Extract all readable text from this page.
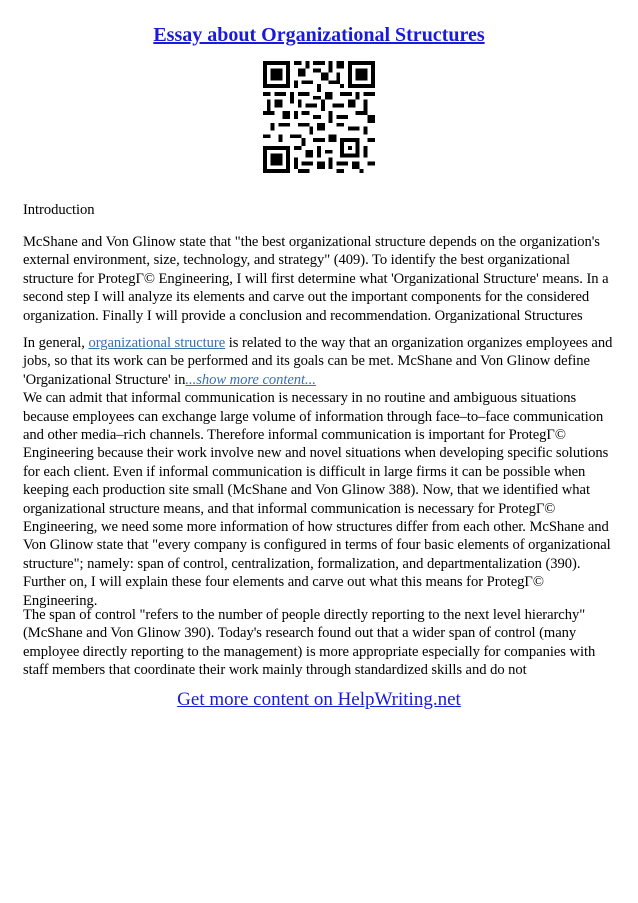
Essay about Organizational Structures
Introduction
McShane and Von Glinow state that "the best organizational structure depends on the organization's external environment, size, technology, and strategy" (409). To identify the best organizational structure for ProtegГ© Engineering, I will first determine what 'Organizational Structure' means. In a second step I will analyze its elements and carve out the important components for the considered organization. Finally I will provide a conclusion and recommendation. Organizational Structures
In general, organizational structure is related to the way that an organization organizes employees and jobs, so that its work can be performed and its goals can be met. McShane and Von Glinow define 'Organizational Structure' in...show more content...
We can admit that informal communication is necessary in no routine and ambiguous situations because employees can exchange large volume of information through face–to–face communication and other media–rich channels. Therefore informal communication is important for ProtegГ© Engineering because their work involve new and novel situations when developing specific solutions for each client. Even if informal communication is difficult in large firms it can be possible when keeping each production site small (McShane and Von Glinow 388). Now, that we identified what organizational structure means, and that informal communication is necessary for ProtegГ© Engineering, we need some more information of how structures differ from each other. McShane and Von Glinow state that "every company is configured in terms of four basic elements of organizational structure"; namely: span of control, centralization, formalization, and departmentalization (390). Further on, I will explain these four elements and carve out what this means for ProtegГ© Engineering.
The span of control "refers to the number of people directly reporting to the next level hierarchy" (McShane and Von Glinow 390). Today's research found out that a wider span of control (many employee directly reporting to the management) is more appropriate especially for companies with staff members that coordinate their work mainly through standardized skills and do not
Get more content on HelpWriting.net
